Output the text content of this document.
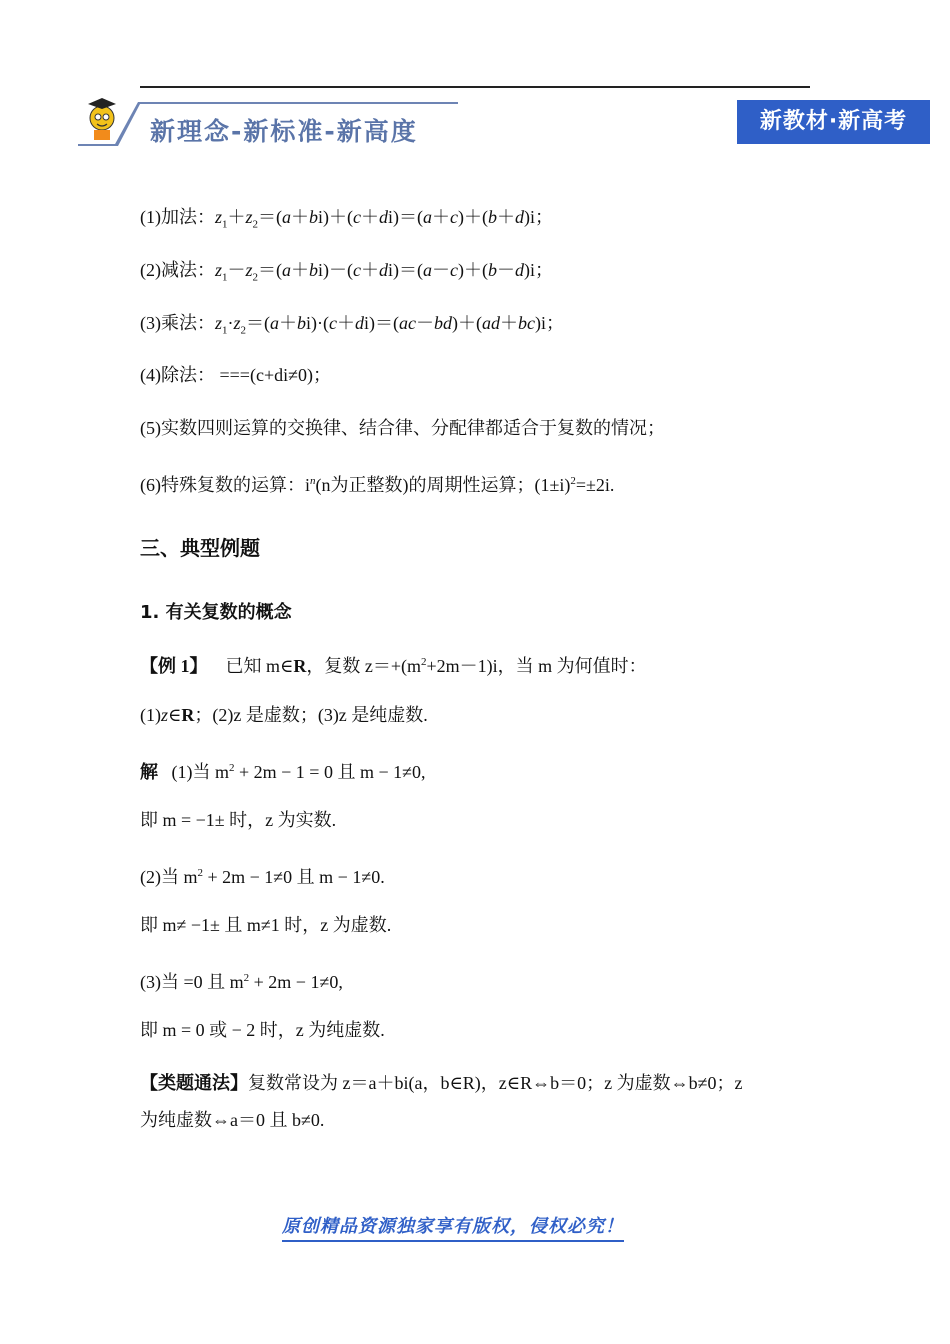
新理念-新标准-新高度	新教材·新高考
(1)加法：$z_1+z_2=(a+bi)+(c+di)=(a+c)+(b+d)i$；
(2)减法：$z_1-z_2=(a+bi)-(c+di)=(a-c)+(b-d)i$；
(3)乘法：$z_1\cdot z_2=(a+bi)\cdot(c+di)=(ac-bd)+(ad+bc)i$；
(4)除法： ===(c+di≠0)；
(5)实数四则运算的交换律、结合律、分配律都适合于复数的情况；
(6)特殊复数的运算：$i^n(n$为正整数)的周期性运算；$(1\pm i)^2=\pm 2i$.
三、典型例题
1. 有关复数的概念
【例 1】 已知 m∈R，复数 $z=+(m^2+2m-1)i$，当 m 为何值时：
(1)z∈R；(2)z 是虚数；(3)z 是纯虚数.
解 (1)当 $m^2 + 2m - 1 = 0$ 且 m − 1≠0,
即 m = −1± 时，z 为实数.
(2)当 $m^2 + 2m - 1\ne 0$ 且 m − 1≠0.
即 m≠ −1± 且 m≠1 时，z 为虚数.
(3)当 =0 且 $m^2 + 2m - 1\ne 0$,
即 m = 0 或 − 2 时，z 为纯虚数.
【类题通法】复数常设为 z＝a＋bi(a，b∈R)，z∈R⇔b＝0；z 为虚数⇔b≠0；z
为纯虚数⇔a＝0 且 b≠0.
原创精品资源独家享有版权，侵权必究！
